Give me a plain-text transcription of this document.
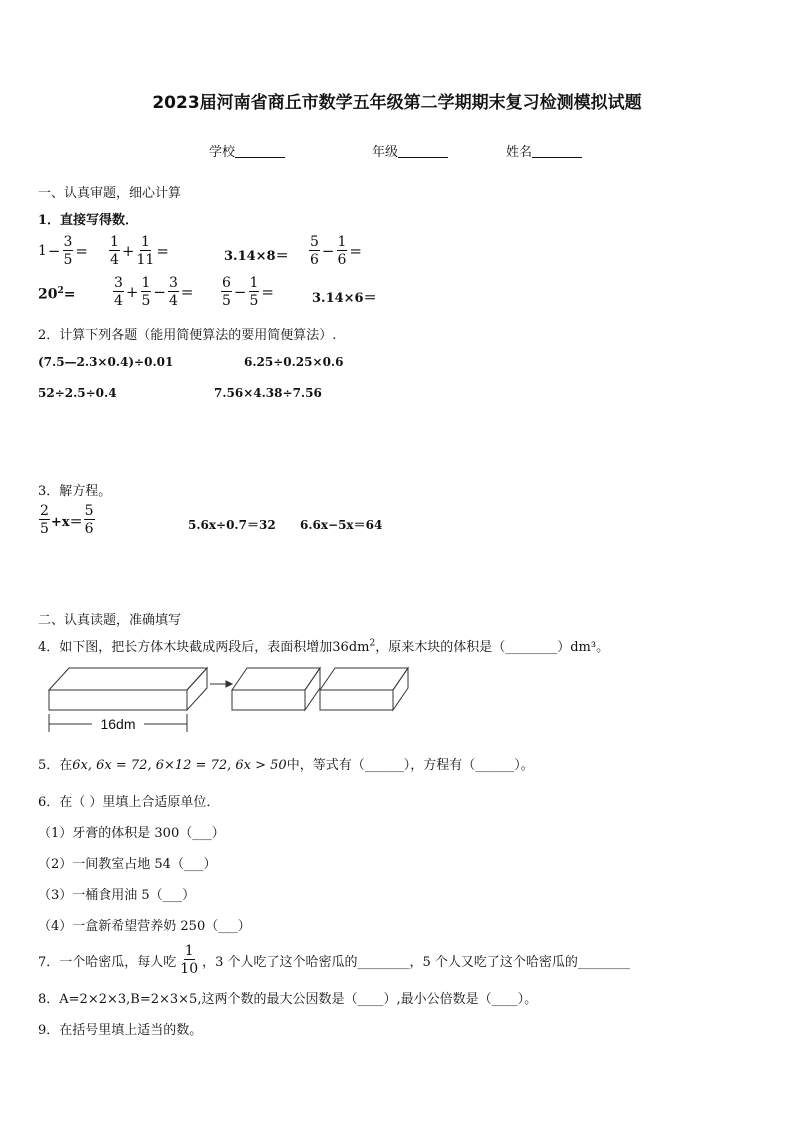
2023届河南省商丘市数学五年级第二学期期末复习检测模拟试题
学校	年级	姓名
一、认真审题，细心计算
1．直接写得数．
$1 - \frac{3}{5} = \frac{1}{4} + \frac{1}{11}$ =	$3.14\times 8= \frac{5}{6} - \frac{1}{6}$ =
$20^2=$	$\frac{3}{4} + \frac{1}{5} - \frac{3}{4} = \frac{6}{5} - \frac{1}{5}$ =	3.14×6＝
2．计算下列各题（能用简便算法的要用简便算法）.
(7.5—2.3×0.4)÷0.01	6.25÷0.25×0.6
52÷2.5÷0.4	7.56×4.38÷7.56
3．解方程。
$\frac{2}{5} +x= \frac{5}{6}$	5.6x÷0.7＝32 6.6x−5x＝64
二、认真读题，准确填写
4．如下图，把长方体木块截成两段后，表面积增加$36dm^2$，原来木块的体积是（________）dm³。
16dm
5．在6x, 6x = 72, 6×12 = 72, 6x > 50中，等式有（______），方程有（______）。
6．在（ ）里填上合适原单位．
（1）牙膏的体积是 300（___）
（2）一间教室占地 54（___）
（3）一桶食用油 5（___）
（4）一盒新希望营养奶 250（___）
7．一个哈密瓜，每人吃 $\frac{1}{10}$ ，3 个人吃了这个哈密瓜的________，5 个人又吃了这个哈密瓜的________
8．A=2×2×3,B=2×3×5,这两个数的最大公因数是（____）,最小公倍数是（____）。
9．在括号里填上适当的数。
